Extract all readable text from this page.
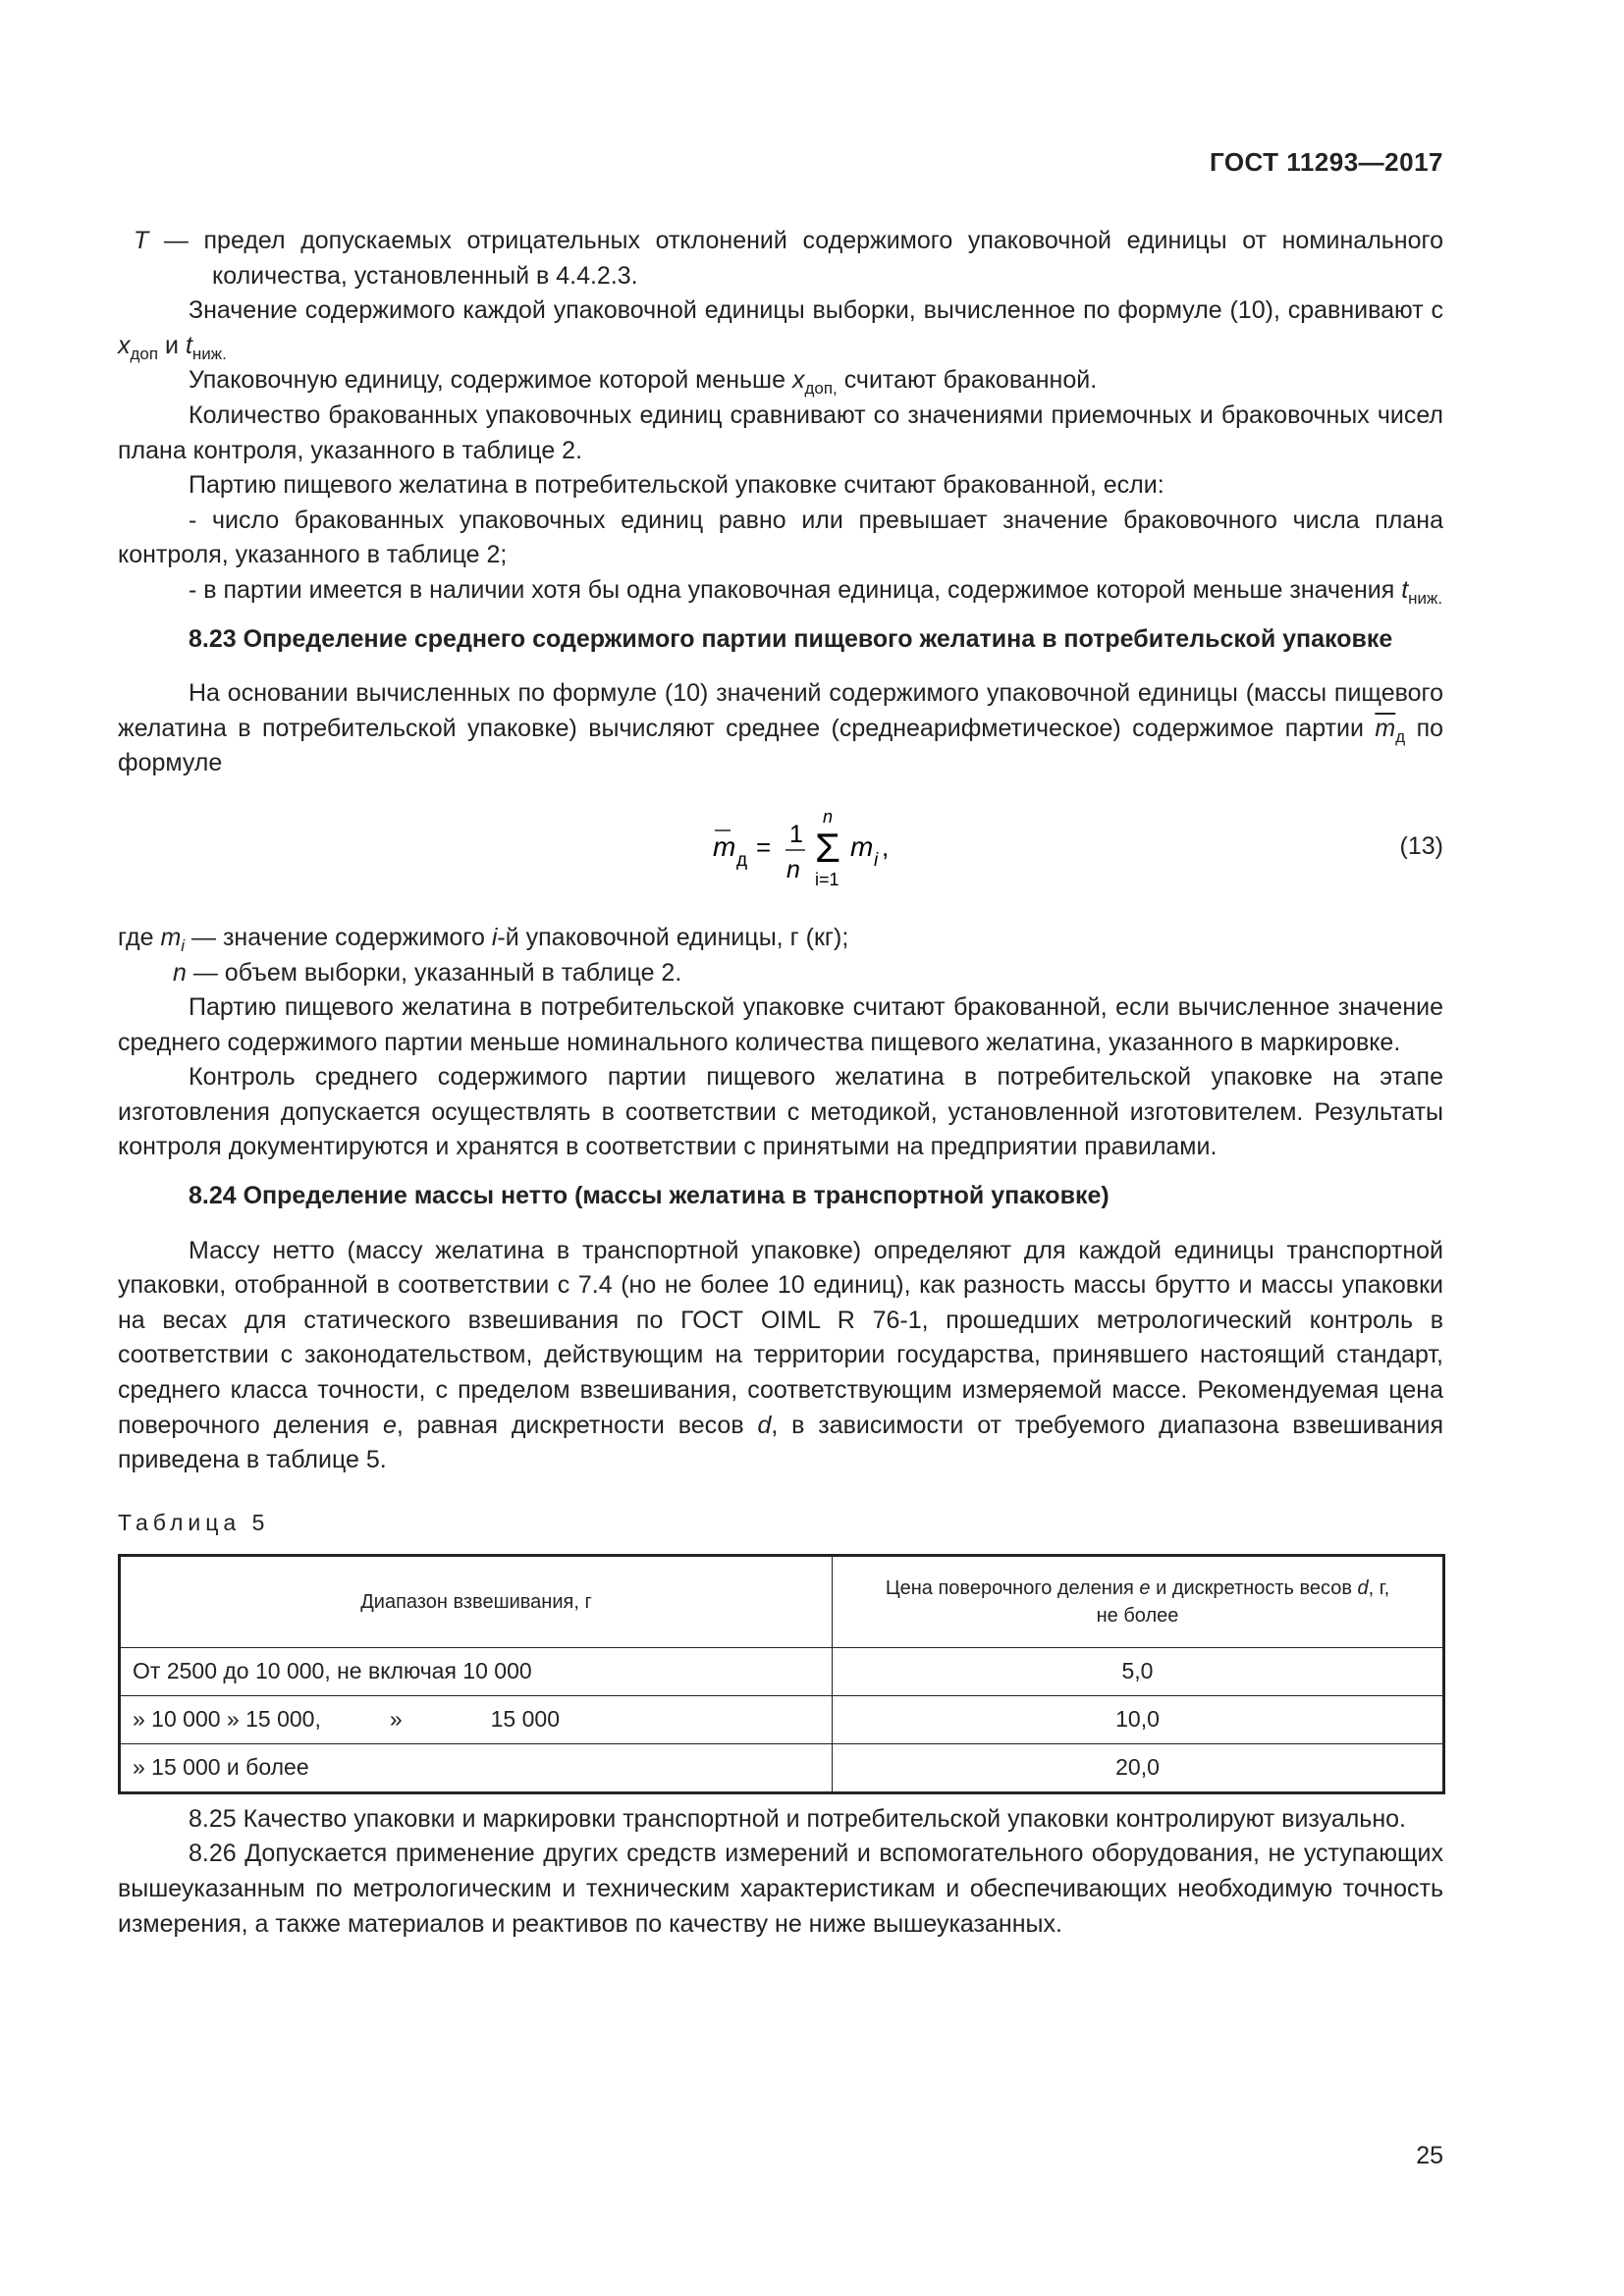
ГОСТ 11293—2017

T — предел допускаемых отрицательных отклонений содержимого упаковочной единицы от номинального количества, установленный в 4.4.2.3.

Значение содержимого каждой упаковочной единицы выборки, вычисленное по формуле (10), сравнивают с $x_{доп}$ и $t_{ниж.}$

Упаковочную единицу, содержимое которой меньше $x_{доп,}$ считают бракованной.

Количество бракованных упаковочных единиц сравнивают со значениями приемочных и браковочных чисел плана контроля, указанного в таблице 2.

Партию пищевого желатина в потребительской упаковке считают бракованной, если:

- число бракованных упаковочных единиц равно или превышает значение браковочного числа плана контроля, указанного в таблице 2;

- в партии имеется в наличии хотя бы одна упаковочная единица, содержимое которой меньше значения $t_{ниж.}$

8.23 Определение среднего содержимого партии пищевого желатина в потребительской упаковке

На основании вычисленных по формуле (10) значений содержимого упаковочной единицы (массы пищевого желатина в потребительской упаковке) вычисляют среднее (среднеарифметическое) содержимое партии $\overline{m}_д$ по формуле

m д = 1
n Σ
n
i=1
m i ,	(13)

где $m_i$ — значение содержимого i-й упаковочной единицы, г (кг);

n — объем выборки, указанный в таблице 2.

Партию пищевого желатина в потребительской упаковке считают бракованной, если вычисленное значение среднего содержимого партии меньше номинального количества пищевого желатина, указанного в маркировке.

Контроль среднего содержимого партии пищевого желатина в потребительской упаковке на этапе изготовления допускается осуществлять в соответствии с методикой, установленной изготовителем. Результаты контроля документируются и хранятся в соответствии с принятыми на предприятии правилами.

8.24 Определение массы нетто (массы желатина в транспортной упаковке)

Массу нетто (массу желатина в транспортной упаковке) определяют для каждой единицы транспортной упаковки, отобранной в соответствии с 7.4 (но не более 10 единиц), как разность массы брутто и массы упаковки на весах для статического взвешивания по ГОСТ OIML R 76-1, прошедших метрологический контроль в соответствии с законодательством, действующим на территории государства, принявшего настоящий стандарт, среднего класса точности, с пределом взвешивания, соответствующим измеряемой массе. Рекомендуемая цена поверочного деления e, равная дискретности весов d, в зависимости от требуемого диапазона взвешивания приведена в таблице 5.

Таблица 5
Диапазон взвешивания, г	Цена поверочного деления e и дискретность весов d, г,
не более
От 2500 до 10 000, не включая 10 000	5,0
» 10 000 » 15 000, » 15 000	10,0
» 15 000 и более	20,0

8.25 Качество упаковки и маркировки транспортной и потребительской упаковки контролируют визуально.

8.26 Допускается применение других средств измерений и вспомогательного оборудования, не уступающих вышеуказанным по метрологическим и техническим характеристикам и обеспечивающих необходимую точность измерения, а также материалов и реактивов по качеству не ниже вышеуказанных.

25
